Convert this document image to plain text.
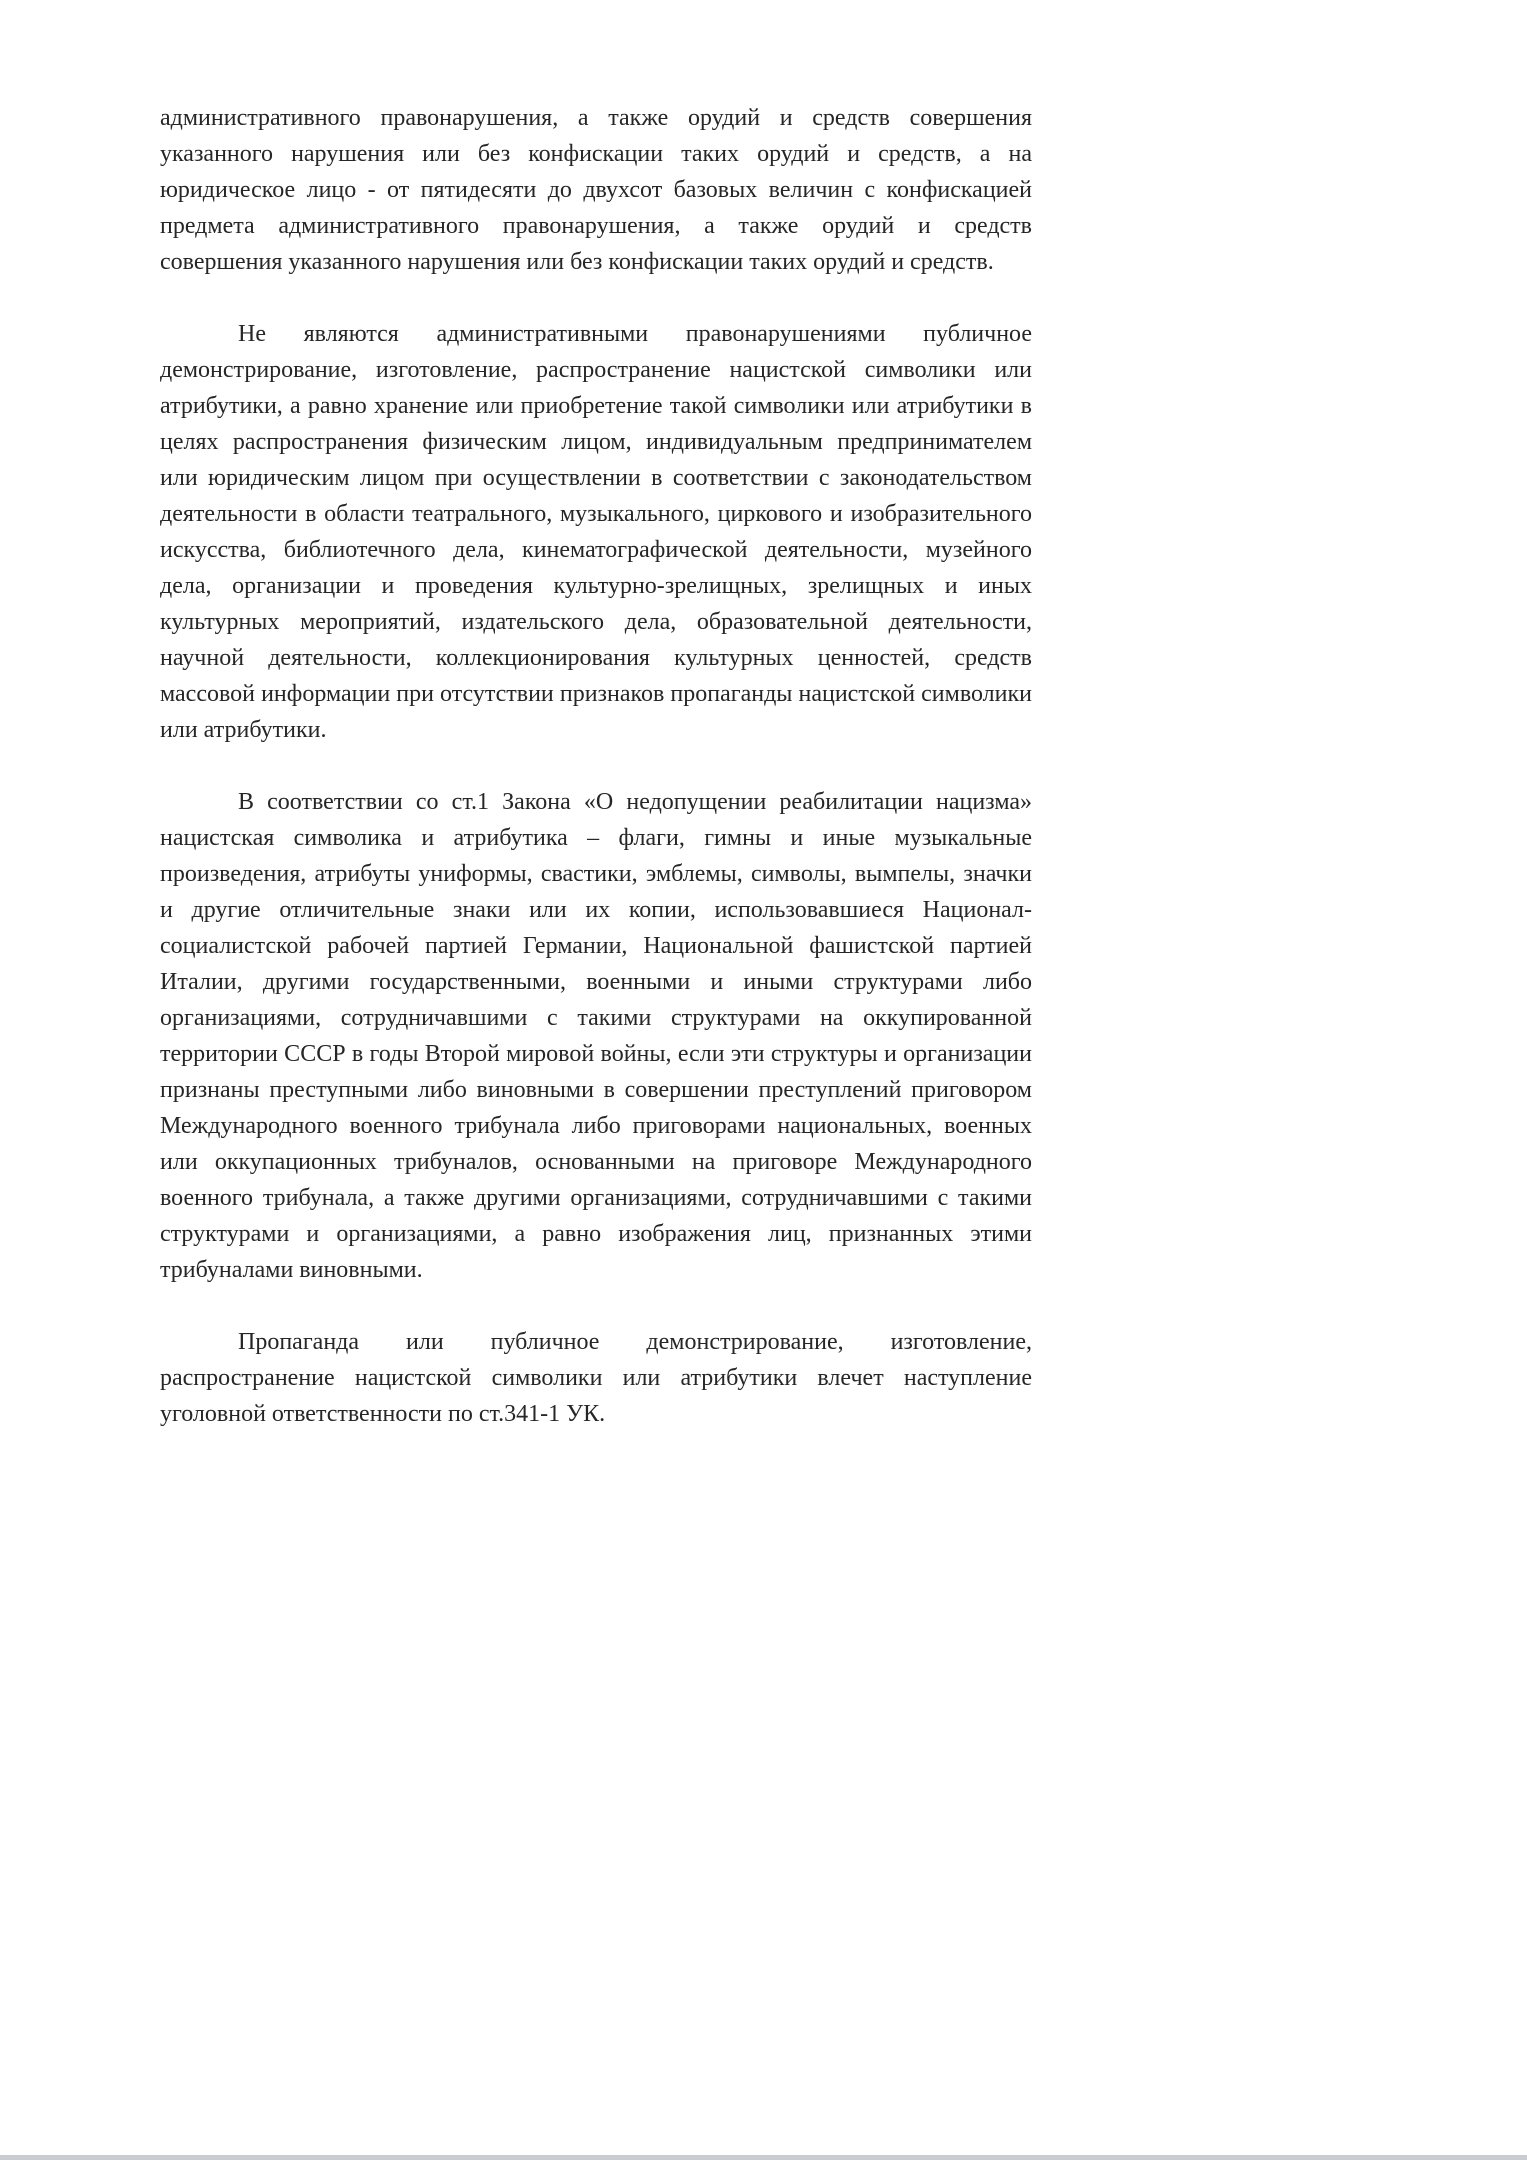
административного правонарушения, а также орудий и средств совершения указанного нарушения или без конфискации таких орудий и средств, а на юридическое лицо - от пятидесяти до двухсот базовых величин с конфискацией предмета административного правонарушения, а также орудий и средств совершения указанного нарушения или без конфискации таких орудий и средств.

Не являются административными правонарушениями публичное демонстрирование, изготовление, распространение нацистской символики или атрибутики, а равно хранение или приобретение такой символики или атрибутики в целях распространения физическим лицом, индивидуальным предпринимателем или юридическим лицом при осуществлении в соответствии с законодательством деятельности в области театрального, музыкального, циркового и изобразительного искусства, библиотечного дела, кинематографической деятельности, музейного дела, организации и проведения культурно-зрелищных, зрелищных и иных культурных мероприятий, издательского дела, образовательной деятельности, научной деятельности, коллекционирования культурных ценностей, средств массовой информации при отсутствии признаков пропаганды нацистской символики или атрибутики.

В соответствии со ст.1 Закона «О недопущении реабилитации нацизма» нацистская символика и атрибутика – флаги, гимны и иные музыкальные произведения, атрибуты униформы, свастики, эмблемы, символы, вымпелы, значки и другие отличительные знаки или их копии, использовавшиеся Национал-социалистской рабочей партией Германии, Национальной фашистской партией Италии, другими государственными, военными и иными структурами либо организациями, сотрудничавшими с такими структурами на оккупированной территории СССР в годы Второй мировой войны, если эти структуры и организации признаны преступными либо виновными в совершении преступлений приговором Международного военного трибунала либо приговорами национальных, военных или оккупационных трибуналов, основанными на приговоре Международного военного трибунала, а также другими организациями, сотрудничавшими с такими структурами и организациями, а равно изображения лиц, признанных этими трибуналами виновными.

Пропаганда или публичное демонстрирование, изготовление, распространение нацистской символики или атрибутики влечет наступление уголовной ответственности по ст.341-1 УК.
